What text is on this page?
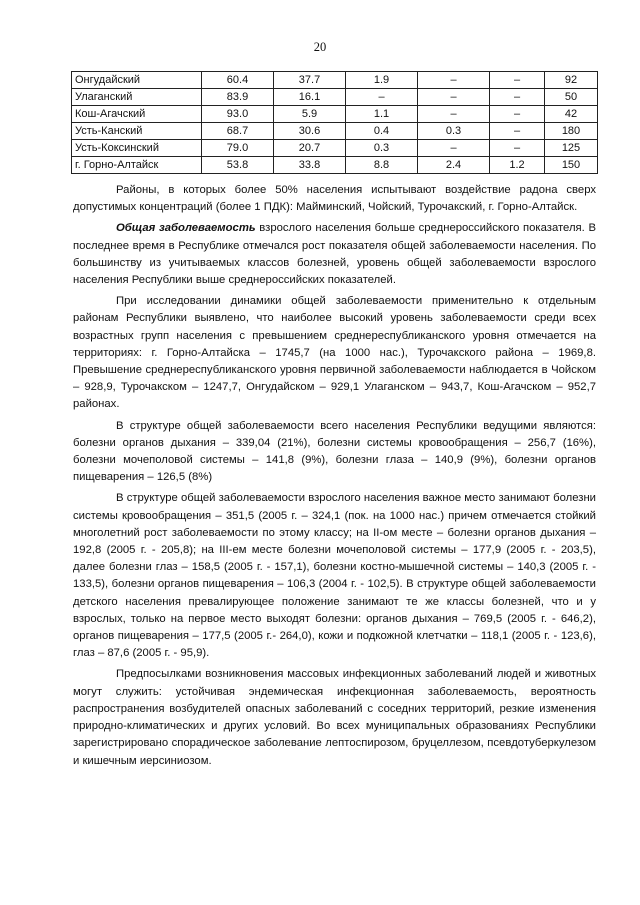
20
Онгудайский	60.4	37.7	1.9	–	–	92
Улаганский	83.9	16.1	–	–	–	50
Кош-Агачский	93.0	5.9	1.1	–	–	42
Усть-Канский	68.7	30.6	0.4	0.3	–	180
Усть-Коксинский	79.0	20.7	0.3	–	–	125
г. Горно-Алтайск	53.8	33.8	8.8	2.4	1.2	150

Районы, в которых более 50% населения испытывают воздействие радона сверх допустимых концентраций (более 1 ПДК): Майминский, Чойский, Турочакский, г. Горно-Алтайск.

Общая заболеваемость взрослого населения больше среднероссийского показателя. В последнее время в Республике отмечался рост показателя общей заболеваемости населения. По большинству из учитываемых классов болезней, уровень общей заболеваемости взрослого населения Республики выше среднероссийских показателей.

При исследовании динамики общей заболеваемости применительно к отдельным районам Республики выявлено, что наиболее высокий уровень заболеваемости среди всех возрастных групп населения с превышением среднереспубликанского уровня отмечается на территориях: г. Горно-Алтайска – 1745,7 (на 1000 нас.), Турочакского района – 1969,8. Превышение среднереспубликанского уровня первичной заболеваемости наблюдается в Чойском – 928,9, Турочакском – 1247,7, Онгудайском – 929,1 Улаганском – 943,7, Кош-Агачском – 952,7 районах.

В структуре общей заболеваемости всего населения Республики ведущими являются: болезни органов дыхания – 339,04 (21%), болезни системы кровообращения – 256,7 (16%), болезни мочеполовой системы – 141,8 (9%), болезни глаза – 140,9 (9%), болезни органов пищеварения – 126,5 (8%)

В структуре общей заболеваемости взрослого населения важное место занимают болезни системы кровообращения – 351,5 (2005 г. – 324,1 (пок. на 1000 нас.) причем отмечается стойкий многолетний рост заболеваемости по этому классу; на II-ом месте – болезни органов дыхания – 192,8 (2005 г. - 205,8); на III-ем месте болезни мочеполовой системы – 177,9 (2005 г. - 203,5), далее болезни глаз – 158,5 (2005 г. - 157,1), болезни костно-мышечной системы – 140,3 (2005 г. - 133,5), болезни органов пищеварения – 106,3 (2004 г. - 102,5). В структуре общей заболеваемости детского населения превалирующее положение занимают те же классы болезней, что и у взрослых, только на первое место выходят болезни: органов дыхания – 769,5 (2005 г. - 646,2), органов пищеварения – 177,5 (2005 г.- 264,0), кожи и подкожной клетчатки – 118,1 (2005 г. - 123,6), глаз – 87,6 (2005 г. - 95,9).

Предпосылками возникновения массовых инфекционных заболеваний людей и животных могут служить: устойчивая эндемическая инфекционная заболеваемость, вероятность распространения возбудителей опасных заболеваний с соседних территорий, резкие изменения природно-климатических и других условий. Во всех муниципальных образованиях Республики зарегистрировано спорадическое заболевание лептоспирозом, бруцеллезом, псевдотуберкулезом и кишечным иерсиниозом.
